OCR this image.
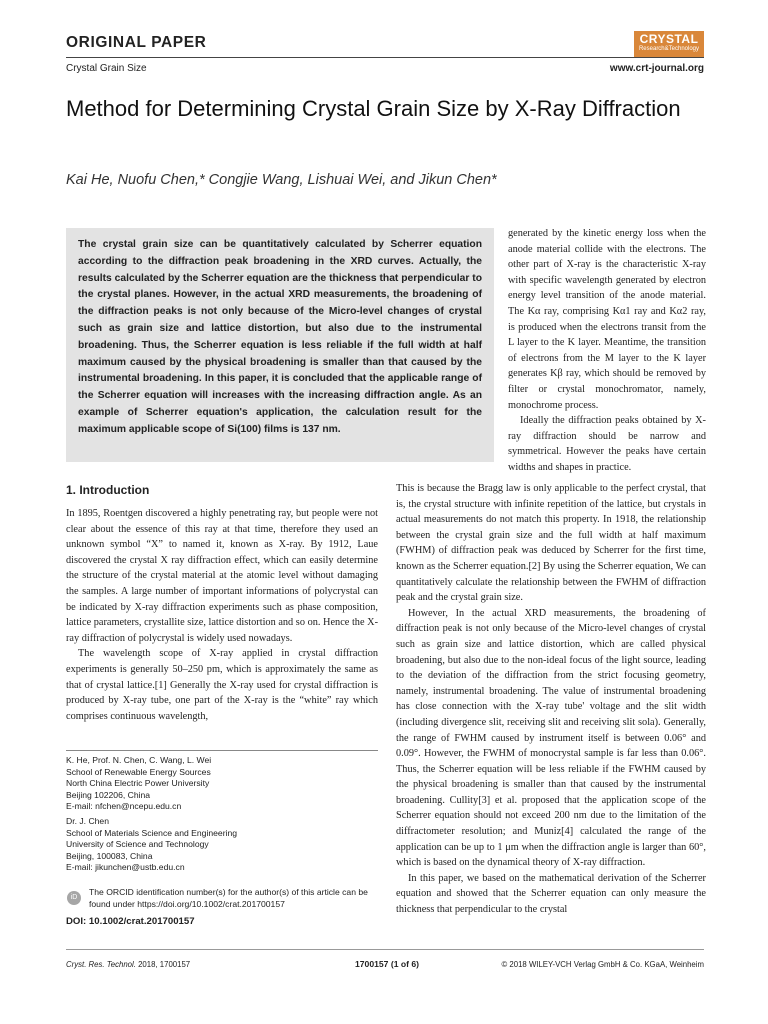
ORIGINAL PAPER	CRYSTAL
Research&Technology
Crystal Grain Size	www.crt-journal.org
Method for Determining Crystal Grain Size by X-Ray Diffraction
Kai He, Nuofu Chen,* Congjie Wang, Lishuai Wei, and Jikun Chen*

The crystal grain size can be quantitatively calculated by Scherrer equation according to the diffraction peak broadening in the XRD curves. Actually, the results calculated by the Scherrer equation are the thickness that perpendicular to the crystal planes. However, in the actual XRD measurements, the broadening of the diffraction peaks is not only because of the Micro-level changes of crystal such as grain size and lattice distortion, but also due to the instrumental broadening. Thus, the Scherrer equation is less reliable if the full width at half maximum caused by the physical broadening is smaller than that caused by the instrumental broadening. In this paper, it is concluded that the applicable range of the Scherrer equation will increases with the increasing diffraction angle. As an example of Scherrer equation's application, the calculation result for the maximum applicable scope of Si(100) films is 137 nm.

generated by the kinetic energy loss when the anode material collide with the electrons. The other part of X-ray is the characteristic X-ray with specific wavelength generated by electron energy level transition of the anode material. The Kα ray, comprising Kα1 ray and Kα2 ray, is produced when the electrons transit from the L layer to the K layer. Meantime, the transition of electrons from the M layer to the K layer generates Kβ ray, which should be removed by filter or crystal monochromator, namely, monochrome process.

Ideally the diffraction peaks obtained by X-ray diffraction should be narrow and symmetrical. However the peaks have certain widths and shapes in practice.

1. Introduction

In 1895, Roentgen discovered a highly penetrating ray, but people were not clear about the essence of this ray at that time, therefore they used an unknown symbol “X” to named it, known as X-ray. By 1912, Laue discovered the crystal X ray diffraction effect, which can easily determine the structure of the crystal material at the atomic level without damaging the samples. A large number of important informations of polycrystal can be indicated by X-ray diffraction experiments such as phase composition, lattice parameters, crystallite size, lattice distortion and so on. Hence the X-ray diffraction of polycrystal is widely used nowadays.

The wavelength scope of X-ray applied in crystal diffraction experiments is generally 50–250 pm, which is approximately the same as that of crystal lattice.[1] Generally the X-ray used for crystal diffraction is produced by X-ray tube, one part of the X-ray is the “white” ray which comprises continuous wavelength,

This is because the Bragg law is only applicable to the perfect crystal, that is, the crystal structure with infinite repetition of the lattice, but crystals in actual measurements do not match this property. In 1918, the relationship between the crystal grain size and the full width at half maximum (FWHM) of diffraction peak was deduced by Scherrer for the first time, known as the Scherrer equation.[2] By using the Scherrer equation, We can quantitatively calculate the relationship between the FWHM of diffraction peak and the crystal grain size.

However, In the actual XRD measurements, the broadening of diffraction peak is not only because of the Micro-level changes of crystal such as grain size and lattice distortion, which are called physical broadening, but also due to the non-ideal focus of the light source, leading to the deviation of the diffraction from the strict focusing geometry, namely, instrumental broadening. The value of instrumental broadening has close connection with the X-ray tube' voltage and the slit width (including divergence slit, receiving slit and receiving slit sola). Generally, the range of FWHM caused by instrument itself is between 0.06° and 0.09°. However, the FWHM of monocrystal sample is far less than 0.06°. Thus, the Scherrer equation will be less reliable if the FWHM caused by the physical broadening is smaller than that caused by the instrumental broadening. Cullity[3] et al. proposed that the application scope of the Scherrer equation should not exceed 200 nm due to the limitation of the diffractometer resolution; and Muniz[4] calculated the range of the application can be up to 1 μm when the diffraction angle is larger than 60°, which is based on the dynamical theory of X-ray diffraction.

In this paper, we based on the mathematical derivation of the Scherrer equation and showed that the Scherrer equation can only measure the thickness that perpendicular to the crystal

K. He, Prof. N. Chen, C. Wang, L. Wei
School of Renewable Energy Sources
North China Electric Power University
Beijing 102206, China
E-mail: nfchen@ncepu.edu.cn
Dr. J. Chen
School of Materials Science and Engineering
University of Science and Technology
Beijing, 100083, China
E-mail: jikunchen@ustb.edu.cn
iD
The ORCID identification number(s) for the author(s) of this article can be found under https://doi.org/10.1002/crat.201700157
DOI: 10.1002/crat.201700157
Cryst. Res. Technol. 2018, 1700157	1700157 (1 of 6)	© 2018 WILEY-VCH Verlag GmbH & Co. KGaA, Weinheim
